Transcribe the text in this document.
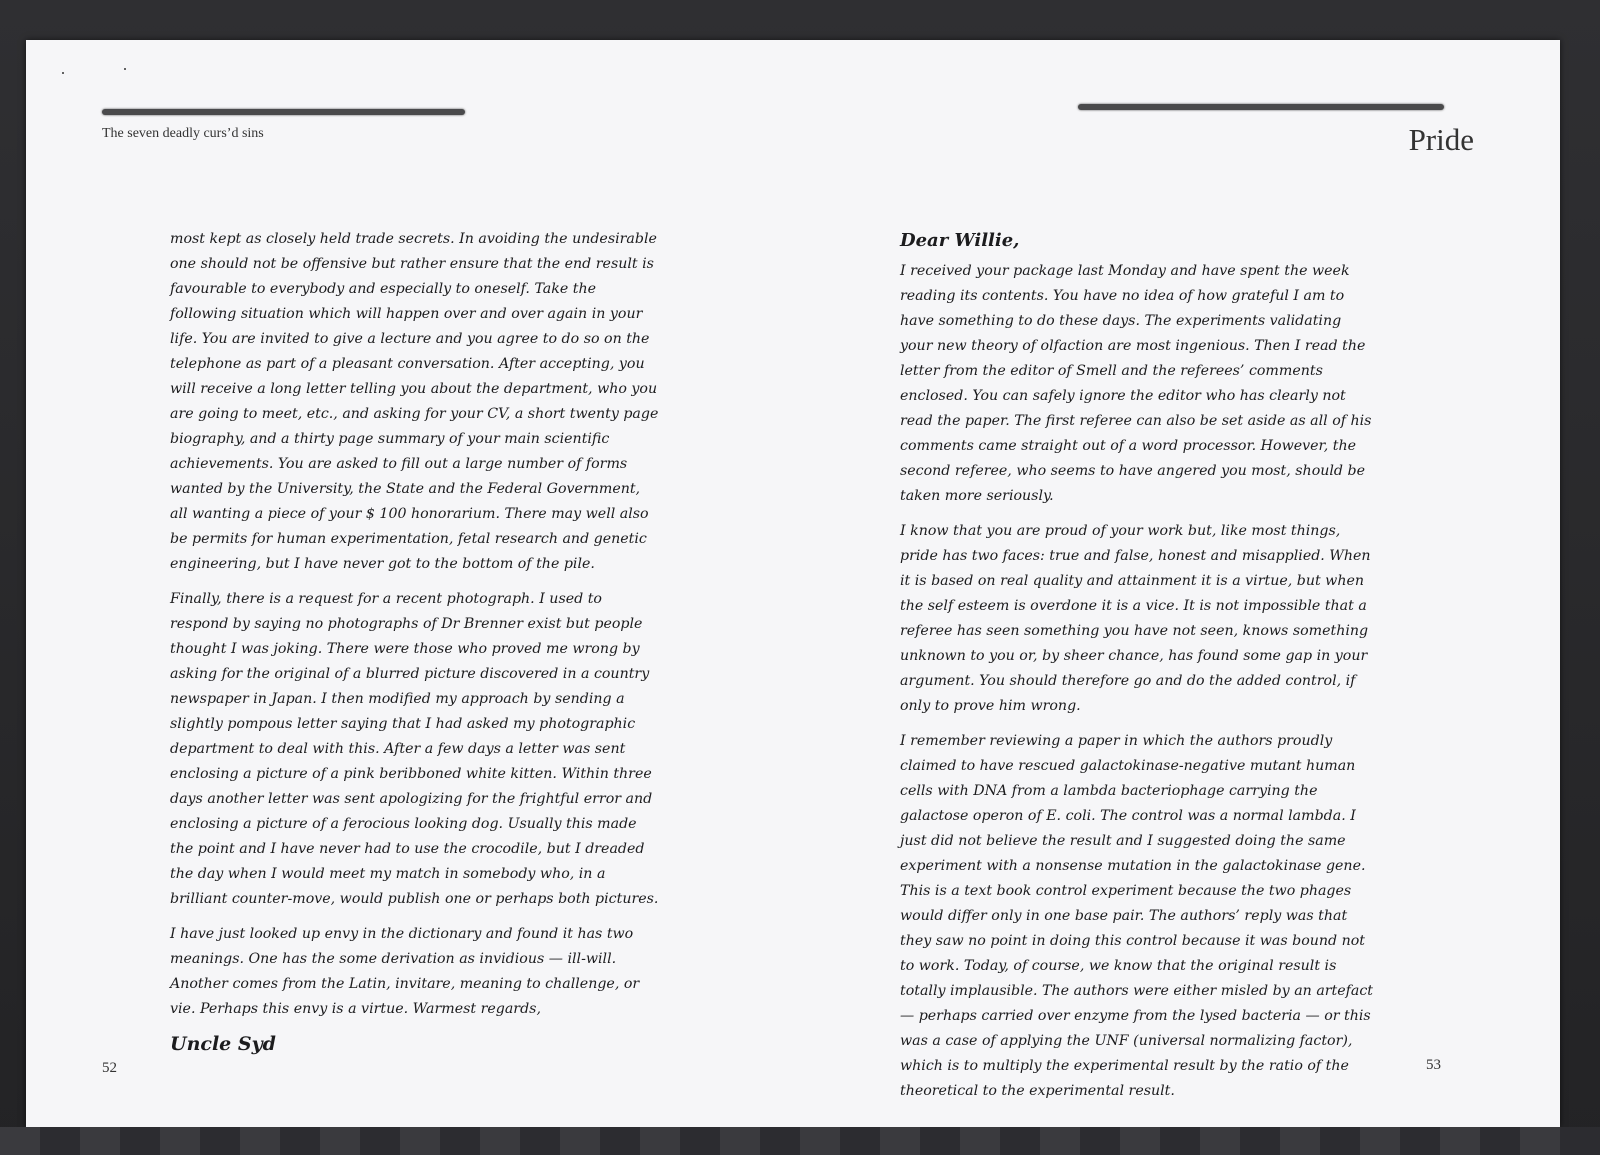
The seven deadly curs’d sins

most kept as closely held trade secrets. In avoiding the undesirable one should not be offensive but rather ensure that the end result is favourable to everybody and especially to oneself. Take the following situation which will happen over and over again in your life. You are invited to give a lecture and you agree to do so on the telephone as part of a pleasant conversation. After accepting, you will receive a long letter telling you about the department, who you are going to meet, etc., and asking for your CV, a short twenty page biography, and a thirty page summary of your main scientific achievements. You are asked to fill out a large number of forms wanted by the University, the State and the Federal Government, all wanting a piece of your $ 100 honorarium. There may well also be permits for human experimentation, fetal research and genetic engineering, but I have never got to the bottom of the pile.

Finally, there is a request for a recent photograph. I used to respond by saying no photographs of Dr Brenner exist but people thought I was joking. There were those who proved me wrong by asking for the original of a blurred picture discovered in a country newspaper in Japan. I then modified my approach by sending a slightly pompous letter saying that I had asked my photographic department to deal with this. After a few days a letter was sent enclosing a picture of a pink beribboned white kitten. Within three days another letter was sent apologizing for the frightful error and enclosing a picture of a ferocious looking dog. Usually this made the point and I have never had to use the crocodile, but I dreaded the day when I would meet my match in somebody who, in a brilliant counter-move, would publish one or perhaps both pictures.

I have just looked up envy in the dictionary and found it has two meanings. One has the some derivation as invidious — ill-will. Another comes from the Latin, invitare, meaning to challenge, or vie. Perhaps this envy is a virtue. Warmest regards,

Uncle Syd
52
Pride
Dear Willie,

I received your package last Monday and have spent the week reading its contents. You have no idea of how grateful I am to have something to do these days. The experiments validating your new theory of olfaction are most ingenious. Then I read the letter from the editor of Smell and the referees’ comments enclosed. You can safely ignore the editor who has clearly not read the paper. The first referee can also be set aside as all of his comments came straight out of a word processor. However, the second referee, who seems to have angered you most, should be taken more seriously.

I know that you are proud of your work but, like most things, pride has two faces: true and false, honest and misapplied. When it is based on real quality and attainment it is a virtue, but when the self esteem is overdone it is a vice. It is not impossible that a referee has seen something you have not seen, knows something unknown to you or, by sheer chance, has found some gap in your argument. You should therefore go and do the added control, if only to prove him wrong.

I remember reviewing a paper in which the authors proudly claimed to have rescued galactokinase-negative mutant human cells with DNA from a lambda bacteriophage carrying the galactose operon of E. coli. The control was a normal lambda. I just did not believe the result and I suggested doing the same experiment with a nonsense mutation in the galactokinase gene. This is a text book control experiment because the two phages would differ only in one base pair. The authors’ reply was that they saw no point in doing this control because it was bound not to work. Today, of course, we know that the original result is totally implausible. The authors were either misled by an artefact — perhaps carried over enzyme from the lysed bacteria — or this was a case of applying the UNF (universal normalizing factor), which is to multiply the experimental result by the ratio of the theoretical to the experimental result.

53
